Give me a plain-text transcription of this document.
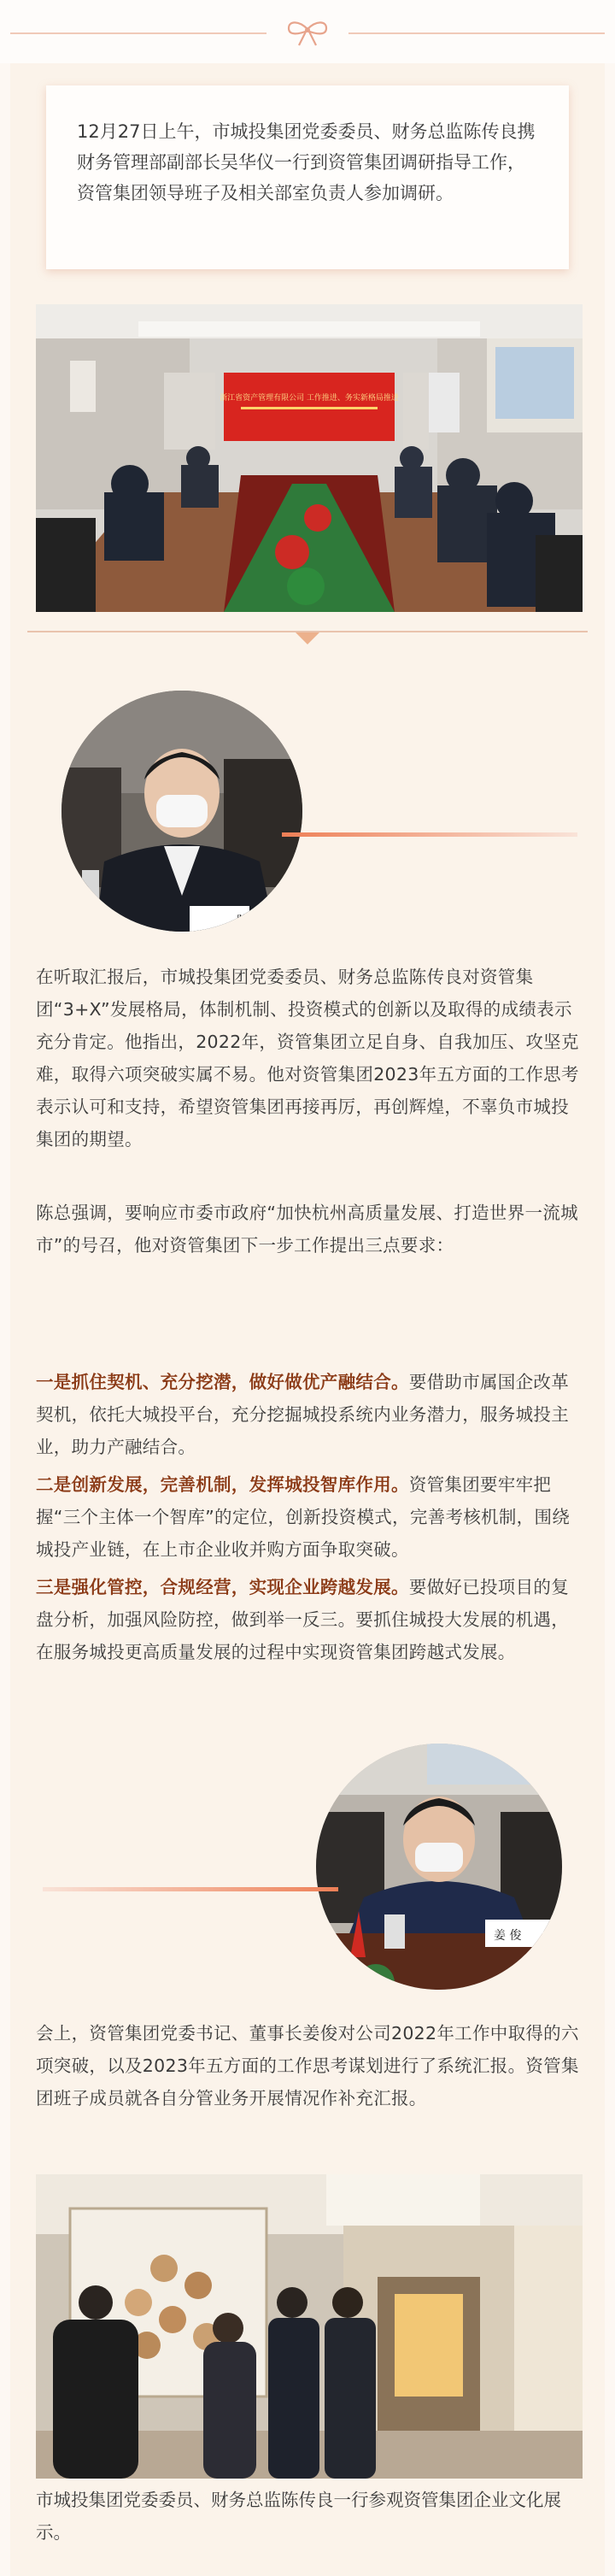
12月27日上午，市城投集团党委委员、财务总监陈传良携财务管理部副部长吴华仪一行到资管集团调研指导工作，资管集团领导班子及相关部室负责人参加调研。

浙江省资产管理有限公司 工作推进、务实新格局推进

在听取汇报后，市城投集团党委委员、财务总监陈传良对资管集团“3+X”发展格局，体制机制、投资模式的创新以及取得的成绩表示充分肯定。他指出，2022年，资管集团立足自身、自我加压、攻坚克难，取得六项突破实属不易。他对资管集团2023年五方面的工作思考表示认可和支持，希望资管集团再接再厉，再创辉煌，不辜负市城投集团的期望。

陈总强调，要响应市委市政府“加快杭州高质量发展、打造世界一流城市”的号召，他对资管集团下一步工作提出三点要求：

一是抓住契机、充分挖潜，做好做优产融结合。要借助市属国企改革契机，依托大城投平台，充分挖掘城投系统内业务潜力，服务城投主业，助力产融结合。

二是创新发展，完善机制，发挥城投智库作用。资管集团要牢牢把握“三个主体一个智库”的定位，创新投资模式，完善考核机制，围绕城投产业链，在上市企业收并购方面争取突破。

三是强化管控，合规经营，实现企业跨越发展。要做好已投项目的复盘分析，加强风险防控，做到举一反三。要抓住城投大发展的机遇，在服务城投更高质量发展的过程中实现资管集团跨越式发展。

姜 俊

会上，资管集团党委书记、董事长姜俊对公司2022年工作中取得的六项突破，以及2023年五方面的工作思考谋划进行了系统汇报。资管集团班子成员就各自分管业务开展情况作补充汇报。

市城投集团党委委员、财务总监陈传良一行参观资管集团企业文化展示。
